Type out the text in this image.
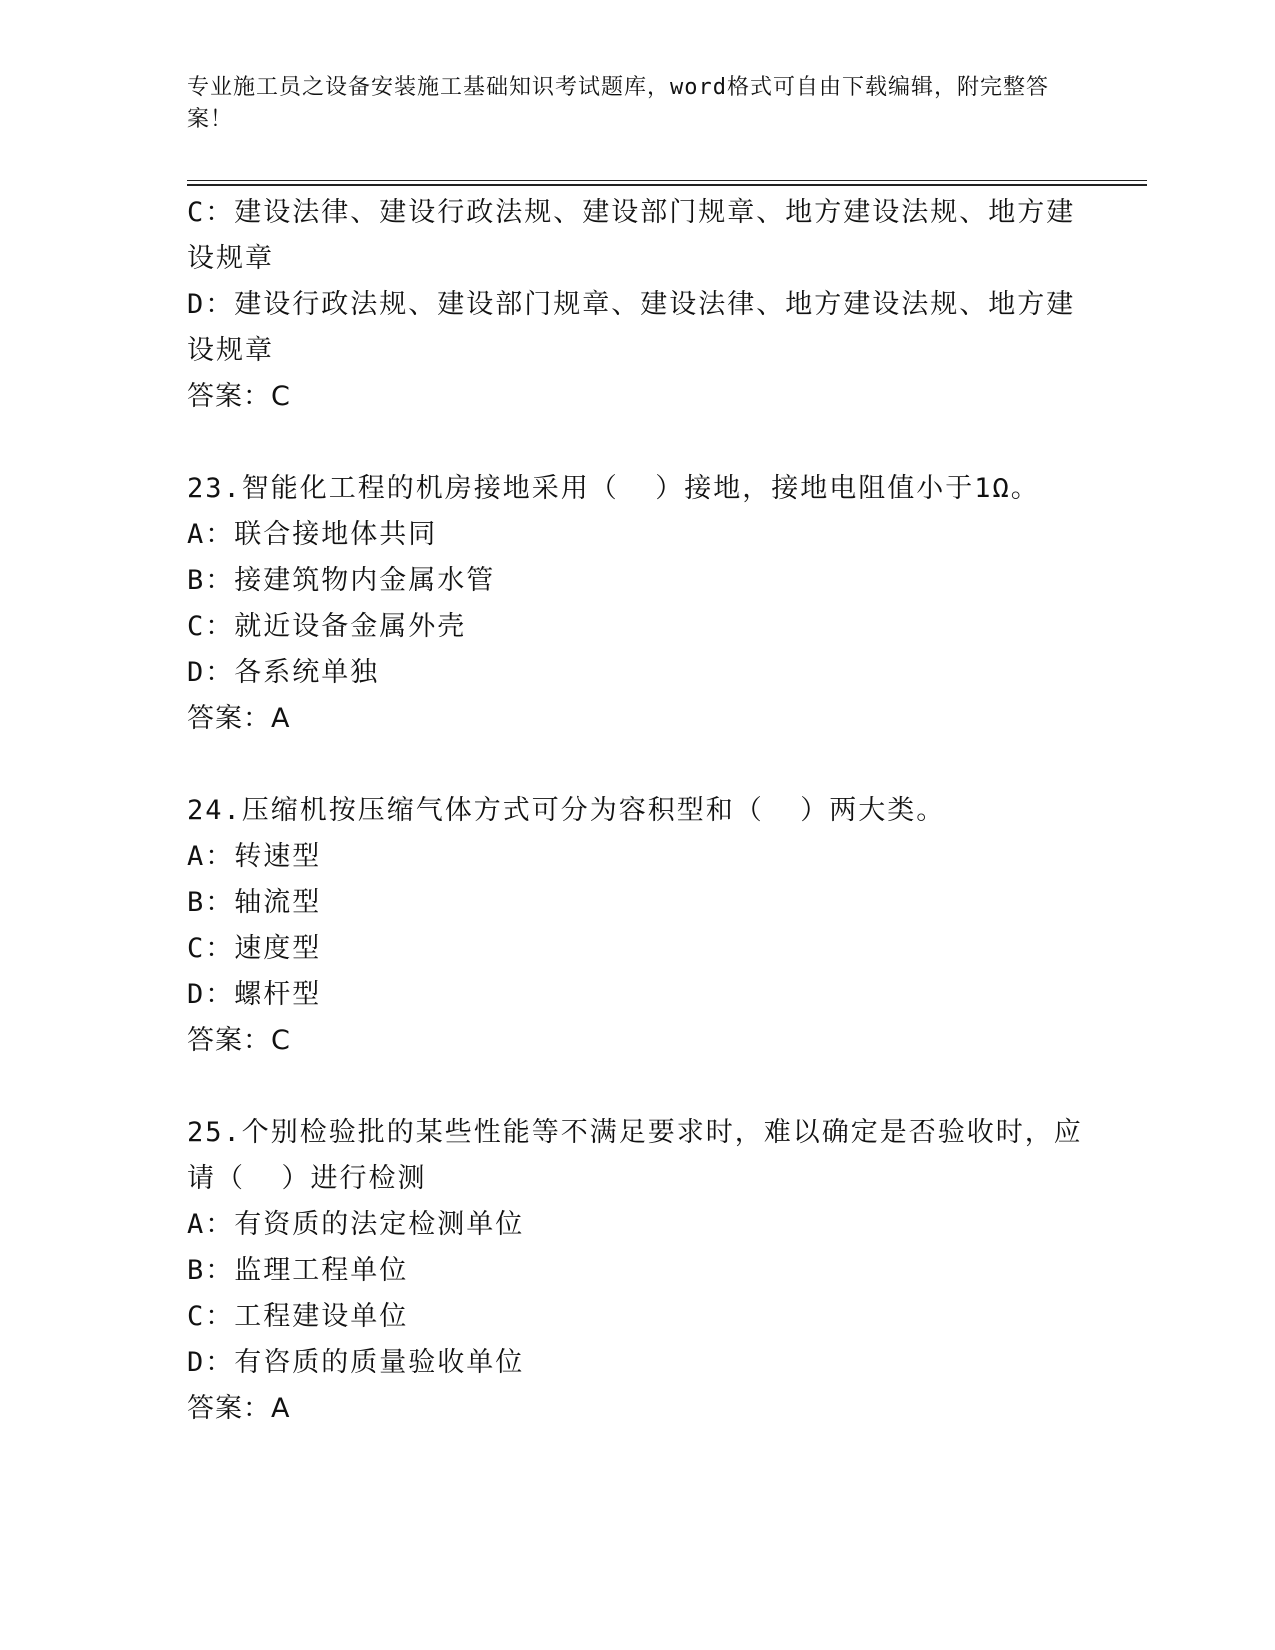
专业施工员之设备安装施工基础知识考试题库，word格式可自由下载编辑，附完整答案！
C：建设法律、建设行政法规、建设部门规章、地方建设法规、地方建设规章
D：建设行政法规、建设部门规章、建设法律、地方建设法规、地方建设规章
答案：C
23.智能化工程的机房接地采用（  ）接地，接地电阻值小于1Ω。
A：联合接地体共同
B：接建筑物内金属水管
C：就近设备金属外壳
D：各系统单独
答案：A
24.压缩机按压缩气体方式可分为容积型和（  ）两大类。
A：转速型
B：轴流型
C：速度型
D：螺杆型
答案：C
25.个别检验批的某些性能等不满足要求时，难以确定是否验收时，应请（  ）进行检测
A：有资质的法定检测单位
B：监理工程单位
C：工程建设单位
D：有咨质的质量验收单位
答案：A
